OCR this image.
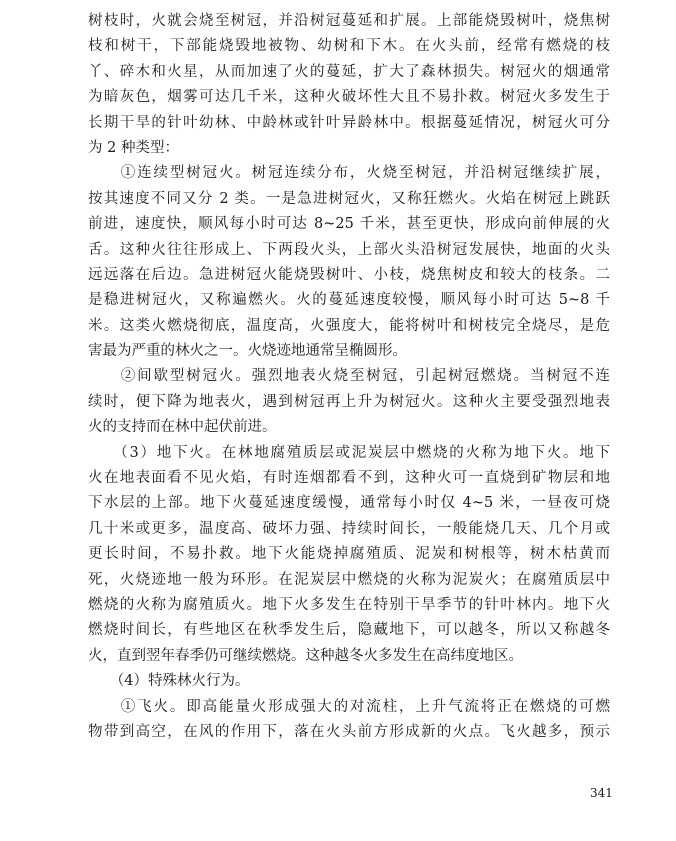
树枝时，火就会烧至树冠，并沿树冠蔓延和扩展。上部能烧毁树叶，烧焦树
枝和树干，下部能烧毁地被物、幼树和下木。在火头前，经常有燃烧的枝
丫、碎木和火星，从而加速了火的蔓延，扩大了森林损失。树冠火的烟通常
为暗灰色，烟雾可达几千米，这种火破坏性大且不易扑救。树冠火多发生于
长期干旱的针叶幼林、中龄林或针叶异龄林中。根据蔓延情况，树冠火可分
为 2 种类型：
　　①连续型树冠火。树冠连续分布，火烧至树冠，并沿树冠继续扩展，
按其速度不同又分 2 类。一是急进树冠火，又称狂燃火。火焰在树冠上跳跃
前进，速度快，顺风每小时可达 8~25 千米，甚至更快，形成向前伸展的火
舌。这种火往往形成上、下两段火头，上部火头沿树冠发展快，地面的火头
远远落在后边。急进树冠火能烧毁树叶、小枝，烧焦树皮和较大的枝条。二
是稳进树冠火，又称遍燃火。火的蔓延速度较慢，顺风每小时可达 5~8 千
米。这类火燃烧彻底，温度高，火强度大，能将树叶和树枝完全烧尽，是危
害最为严重的林火之一。火烧迹地通常呈椭圆形。
　　②间歇型树冠火。强烈地表火烧至树冠，引起树冠燃烧。当树冠不连
续时，便下降为地表火，遇到树冠再上升为树冠火。这种火主要受强烈地表
火的支持而在林中起伏前进。
　　（3）地下火。在林地腐殖质层或泥炭层中燃烧的火称为地下火。地下
火在地表面看不见火焰，有时连烟都看不到，这种火可一直烧到矿物层和地
下水层的上部。地下火蔓延速度缓慢，通常每小时仅 4~5 米，一昼夜可烧
几十米或更多，温度高、破坏力强、持续时间长，一般能烧几天、几个月或
更长时间，不易扑救。地下火能烧掉腐殖质、泥炭和树根等，树木枯黄而
死，火烧迹地一般为环形。在泥炭层中燃烧的火称为泥炭火；在腐殖质层中
燃烧的火称为腐殖质火。地下火多发生在特别干旱季节的针叶林内。地下火
燃烧时间长，有些地区在秋季发生后，隐藏地下，可以越冬，所以又称越冬
火，直到翌年春季仍可继续燃烧。这种越冬火多发生在高纬度地区。
　　（4）特殊林火行为。
　　①飞火。即高能量火形成强大的对流柱，上升气流将正在燃烧的可燃
物带到高空，在风的作用下，落在火头前方形成新的火点。飞火越多，预示
341
